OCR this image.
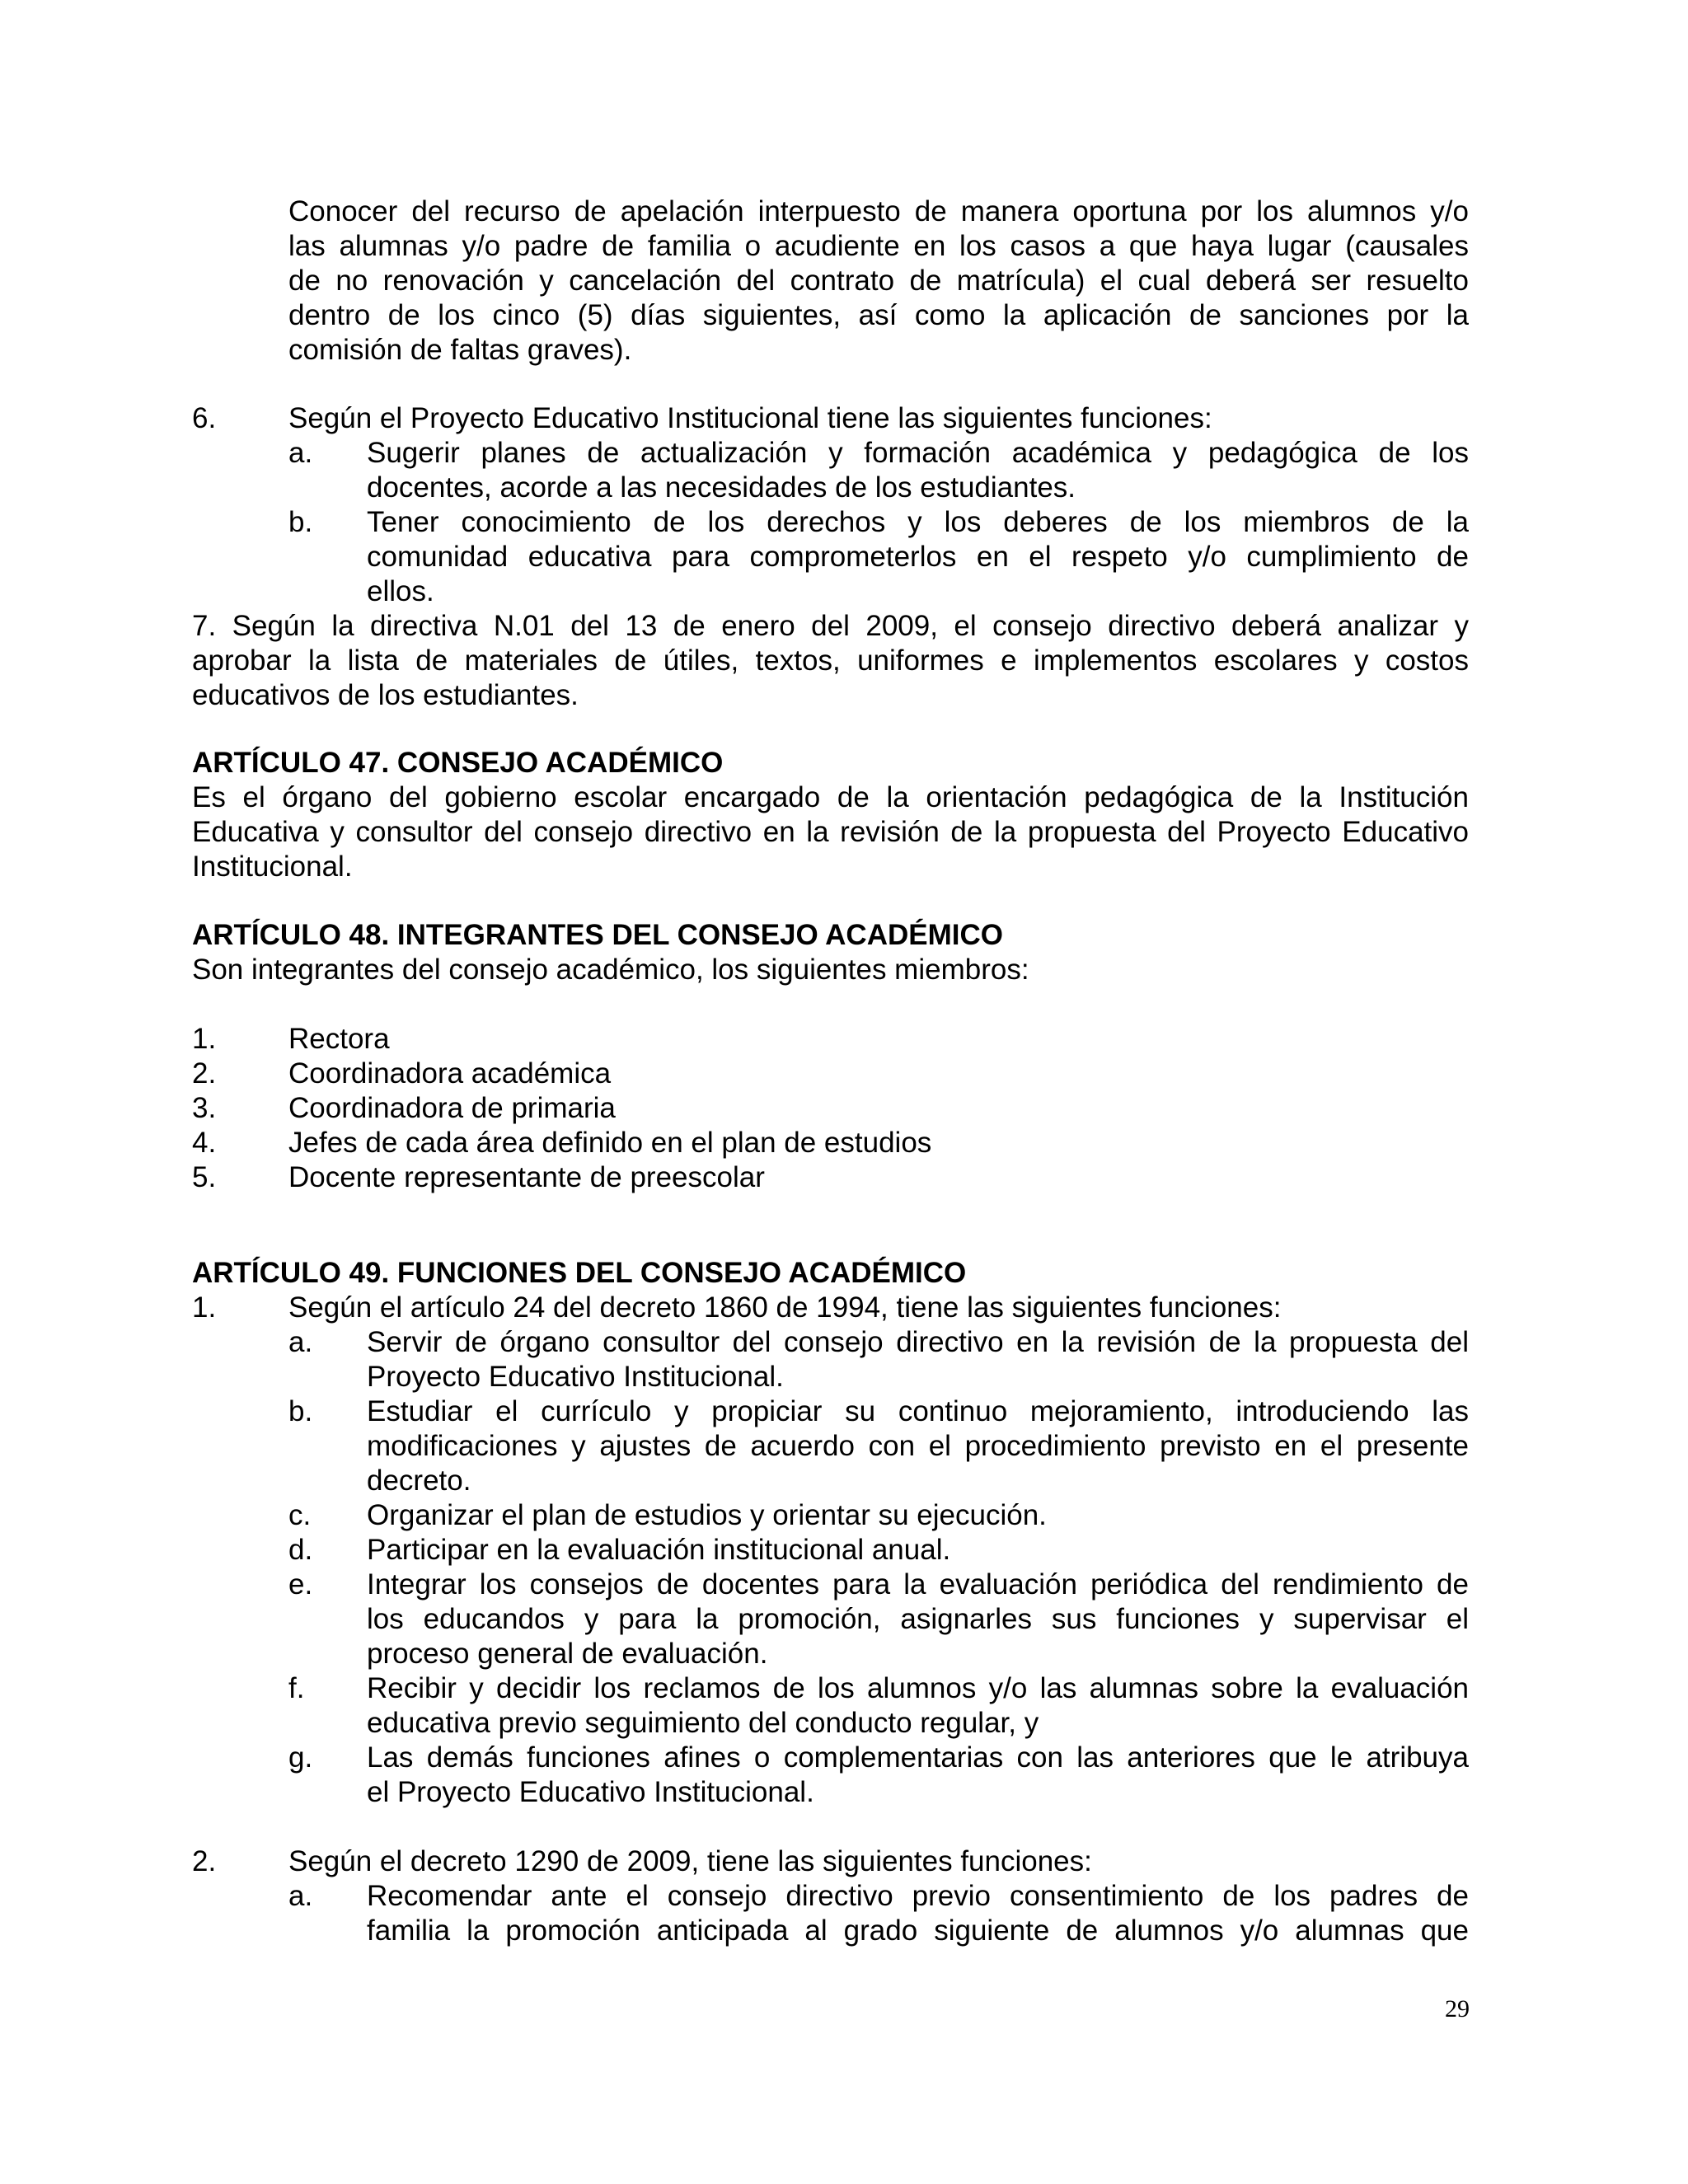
Conocer del recurso de apelación interpuesto de manera oportuna por los alumnos y/o
las alumnas y/o padre de familia o acudiente en los casos a que haya lugar (causales
de no renovación y cancelación del contrato de matrícula) el cual deberá ser resuelto
dentro de los cinco (5) días siguientes, así como la aplicación de sanciones por la
comisión de faltas graves).
6.	Según el Proyecto Educativo Institucional tiene las siguientes funciones:
a. Sugerir planes de actualización y formación académica y pedagógica de los
docentes, acorde a las necesidades de los estudiantes.
b. Tener conocimiento de los derechos y los deberes de los miembros de la
comunidad educativa para comprometerlos en el respeto y/o cumplimiento de
ellos.
7. Según la directiva N.01 del 13 de enero del 2009, el consejo directivo deberá analizar y
aprobar la lista de materiales de útiles, textos, uniformes e implementos escolares y costos
educativos de los estudiantes.
ARTÍCULO 47. CONSEJO ACADÉMICO
Es el órgano del gobierno escolar encargado de la orientación pedagógica de la Institución
Educativa y consultor del consejo directivo en la revisión de la propuesta del Proyecto Educativo
Institucional.
ARTÍCULO 48. INTEGRANTES DEL CONSEJO ACADÉMICO
Son integrantes del consejo académico, los siguientes miembros:
1.	Rectora
2.	Coordinadora académica
3.	Coordinadora de primaria
4.	Jefes de cada área definido en el plan de estudios
5.	Docente representante de preescolar
ARTÍCULO 49. FUNCIONES DEL CONSEJO ACADÉMICO
1.	Según el artículo 24 del decreto 1860 de 1994, tiene las siguientes funciones:
a. Servir de órgano consultor del consejo directivo en la revisión de la propuesta del
Proyecto Educativo Institucional.
b. Estudiar el currículo y propiciar su continuo mejoramiento, introduciendo las
modificaciones y ajustes de acuerdo con el procedimiento previsto en el presente
decreto.
c. Organizar el plan de estudios y orientar su ejecución.
d. Participar en la evaluación institucional anual.
e. Integrar los consejos de docentes para la evaluación periódica del rendimiento de
los educandos y para la promoción, asignarles sus funciones y supervisar el
proceso general de evaluación.
f. Recibir y decidir los reclamos de los alumnos y/o las alumnas sobre la evaluación
educativa previo seguimiento del conducto regular, y
g. Las demás funciones afines o complementarias con las anteriores que le atribuya
el Proyecto Educativo Institucional.
2.	Según el decreto 1290 de 2009, tiene las siguientes funciones:
a. Recomendar ante el consejo directivo previo consentimiento de los padres de
familia la promoción anticipada al grado siguiente de alumnos y/o alumnas que
29
